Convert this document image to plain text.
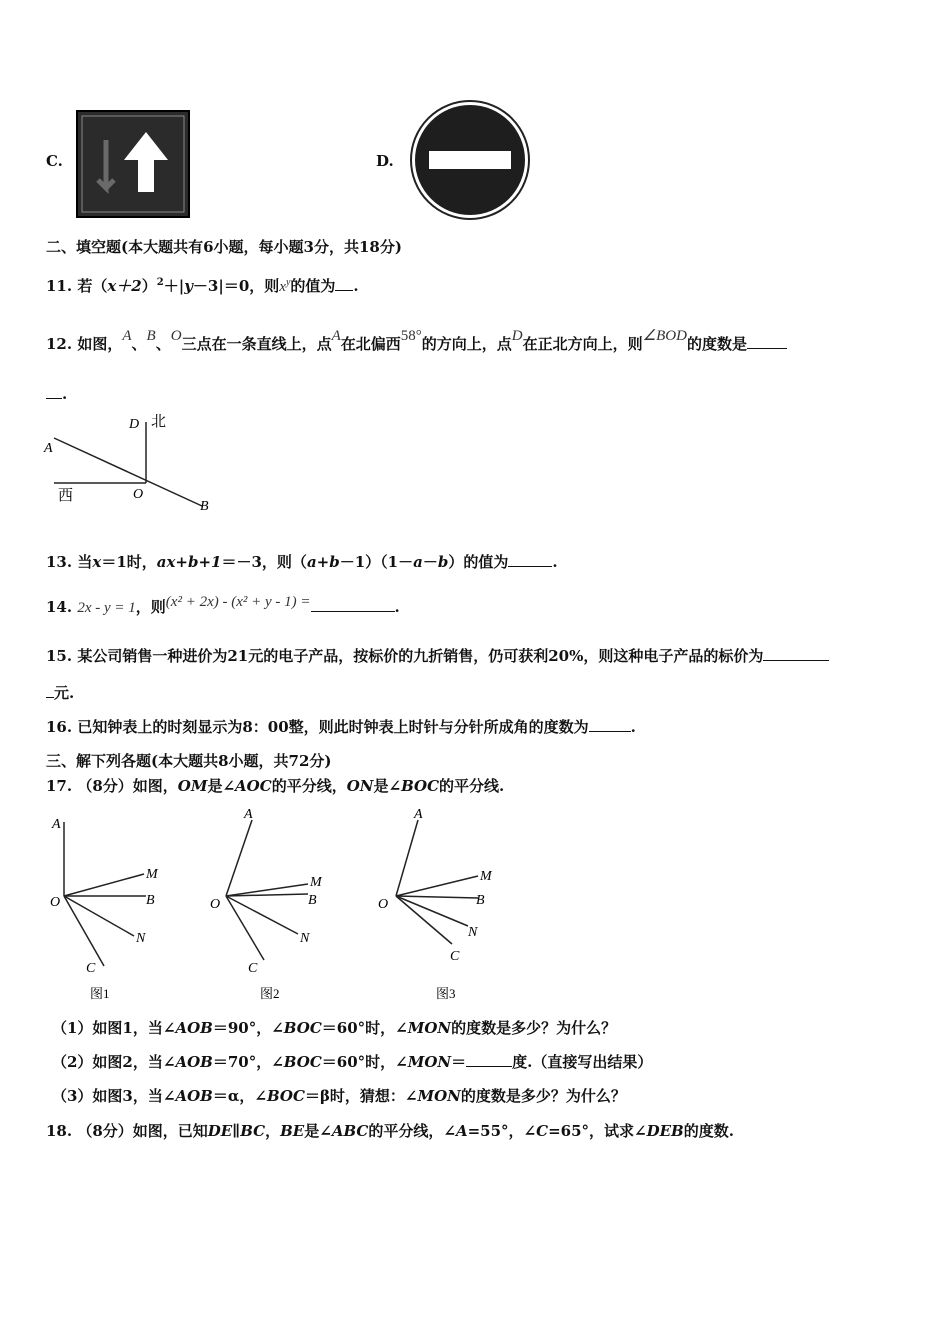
C.	D.
二、填空题(本大题共有6小题，每小题3分，共18分)
11. 若$(x+2)^2+|y-3|=0$，则$x^y$的值为 .
12. 如图，A、B、O三点在一条直线上，点A在北偏西58°的方向上，点D在正北方向上，则∠BOD的度数是
.
D 北
A
西	O
B
13. 当x＝1时，ax+b+1＝－3，则（a+b－1）（1－a－b）的值为	.
14. 2x - y = 1，则(x² + 2x) - (x² + y - 1) =	.
15. 某公司销售一种进价为21元的电子产品，按标价的九折销售，仍可获利20%，则这种电子产品的标价为
元.
16. 已知钟表上的时刻显示为8：00整，则此时钟表上时针与分针所成角的度数为	.
三、解下列各题(本大题共8小题，共72分)
17. （8分）如图，OM是∠AOC的平分线，ON是∠BOC的平分线.
A
M
B
O
N
C
图1
A
M
B
O
N
C
图2
A
M
B
O
N
C
图3
（1）如图1，当∠AOB＝90°，∠BOC＝60°时，∠MON的度数是多少？为什么？
（2）如图2，当∠AOB＝70°，∠BOC＝60°时，∠MON＝	度.（直接写出结果）
（3）如图3，当∠AOB＝α，∠BOC＝β时，猜想：∠MON的度数是多少？为什么？
18. （8分）如图，已知DE∥BC，BE是∠ABC的平分线，∠A=55°，∠C=65°，试求∠DEB的度数.
